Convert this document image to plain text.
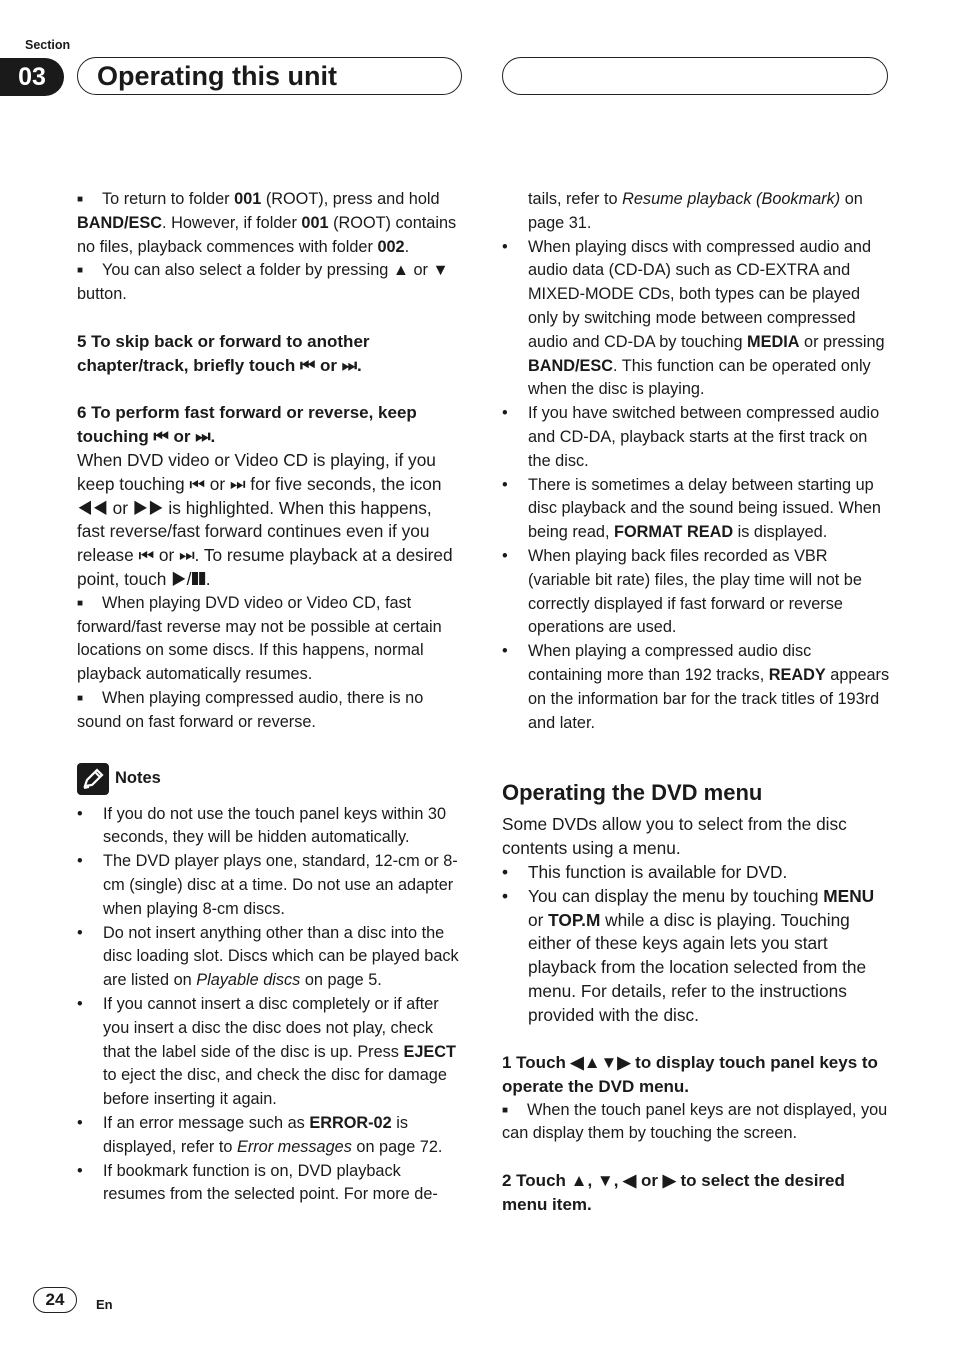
Section
03	Operating this unit

■ To return to folder 001 (ROOT), press and hold BAND/ESC. However, if folder 001 (ROOT) contains no files, playback commences with folder 002.

■ You can also select a folder by pressing ▲ or ▼ button.

5 To skip back or forward to another chapter/track, briefly touch ⏮ or ⏭.

6 To perform fast forward or reverse, keep touching ⏮ or ⏭.

When DVD video or Video CD is playing, if you keep touching ⏮ or ⏭ for five seconds, the icon ◀◀ or ▶▶ is highlighted. When this happens, fast reverse/fast forward continues even if you release ⏮ or ⏭. To resume playback at a desired point, touch ▶/❚❚.

■ When playing DVD video or Video CD, fast forward/fast reverse may not be possible at certain locations on some discs. If this happens, normal playback automatically resumes.

■ When playing compressed audio, there is no sound on fast forward or reverse.

Notes

• If you do not use the touch panel keys within 30 seconds, they will be hidden automatically.

• The DVD player plays one, standard, 12-cm or 8-cm (single) disc at a time. Do not use an adapter when playing 8-cm discs.

• Do not insert anything other than a disc into the disc loading slot. Discs which can be played back are listed on Playable discs on page 5.

• If you cannot insert a disc completely or if after you insert a disc the disc does not play, check that the label side of the disc is up. Press EJECT to eject the disc, and check the disc for damage before inserting it again.

• If an error message such as ERROR-02 is displayed, refer to Error messages on page 72.

• If bookmark function is on, DVD playback resumes from the selected point. For more de-

tails, refer to Resume playback (Bookmark) on page 31.

• When playing discs with compressed audio and audio data (CD-DA) such as CD-EXTRA and MIXED-MODE CDs, both types can be played only by switching mode between compressed audio and CD-DA by touching MEDIA or pressing BAND/ESC. This function can be operated only when the disc is playing.

• If you have switched between compressed audio and CD-DA, playback starts at the first track on the disc.

• There is sometimes a delay between starting up disc playback and the sound being issued. When being read, FORMAT READ is displayed.

• When playing back files recorded as VBR (variable bit rate) files, the play time will not be correctly displayed if fast forward or reverse operations are used.

• When playing a compressed audio disc containing more than 192 tracks, READY appears on the information bar for the track titles of 193rd and later.

Operating the DVD menu

Some DVDs allow you to select from the disc contents using a menu.

• This function is available for DVD.

• You can display the menu by touching MENU or TOP.M while a disc is playing. Touching either of these keys again lets you start playback from the location selected from the menu. For details, refer to the instructions provided with the disc.

1 Touch ◀▲▼▶ to display touch panel keys to operate the DVD menu.

■ When the touch panel keys are not displayed, you can display them by touching the screen.

2 Touch ▲, ▼, ◀ or ▶ to select the desired menu item.

24	En
